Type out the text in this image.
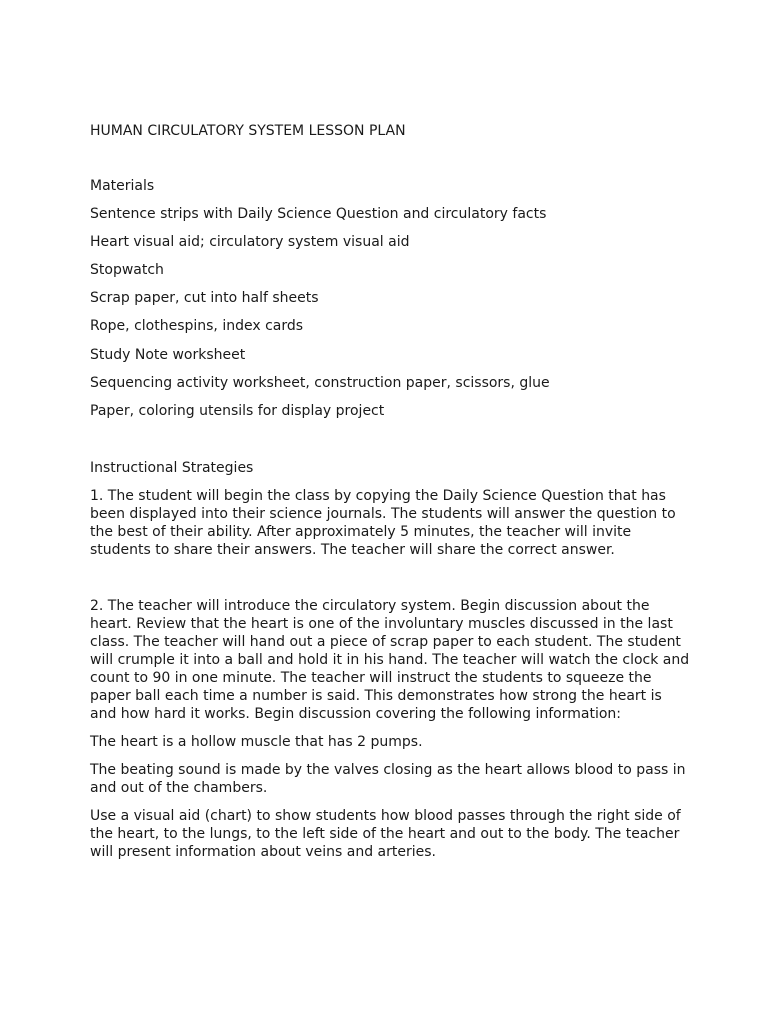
HUMAN CIRCULATORY SYSTEM LESSON PLAN

Materials

Sentence strips with Daily Science Question and circulatory facts

Heart visual aid; circulatory system visual aid

Stopwatch

Scrap paper, cut into half sheets

Rope, clothespins, index cards

Study Note worksheet

Sequencing activity worksheet, construction paper, scissors, glue

Paper, coloring utensils for display project

Instructional Strategies

1. The student will begin the class by copying the Daily Science Question that has been displayed into their science journals. The students will answer the question to the best of their ability. After approximately 5 minutes, the teacher will invite students to share their answers. The teacher will share the correct answer.

2. The teacher will introduce the circulatory system. Begin discussion about the heart. Review that the heart is one of the involuntary muscles discussed in the last class. The teacher will hand out a piece of scrap paper to each student. The student will crumple it into a ball and hold it in his hand. The teacher will watch the clock and count to 90 in one minute. The teacher will instruct the students to squeeze the paper ball each time a number is said. This demonstrates how strong the heart is and how hard it works. Begin discussion covering the following information:

The heart is a hollow muscle that has 2 pumps.

The beating sound is made by the valves closing as the heart allows blood to pass in and out of the chambers.

Use a visual aid (chart) to show students how blood passes through the right side of the heart, to the lungs, to the left side of the heart and out to the body. The teacher will present information about veins and arteries.
